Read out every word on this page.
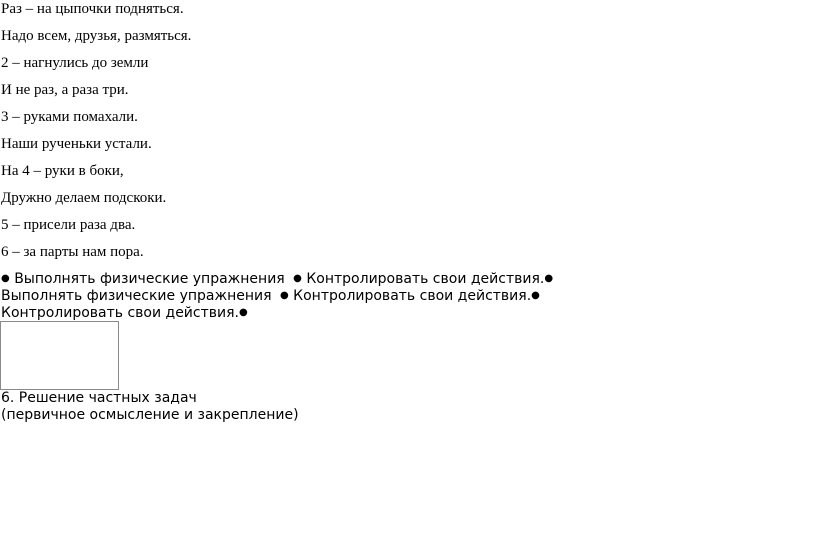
Раз – на цыпочки подняться.
Надо всем, друзья, размяться.
2 – нагнулись до земли
И не раз, а раза три.
3 – руками помахали.
Наши рученьки устали.
На 4 – руки в боки,
Дружно делаем подскоки.
5 – присели раза два.
6 – за парты нам пора.
● Выполнять физические упражнения ● Контролировать свои действия.●
Выполнять физические упражнения ● Контролировать свои действия.●
Контролировать свои действия.●
6. Решение частных задач
(первичное осмысление и закрепление)
